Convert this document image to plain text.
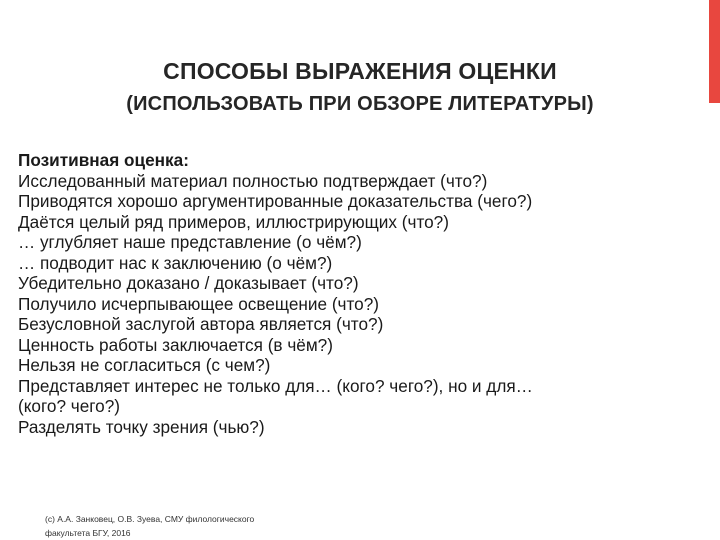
СПОСОБЫ ВЫРАЖЕНИЯ ОЦЕНКИ
(ИСПОЛЬЗОВАТЬ ПРИ ОБЗОРЕ ЛИТЕРАТУРЫ)
Позитивная оценка:
Исследованный материал полностью подтверждает (что?)
Приводятся хорошо аргументированные доказательства (чего?)
Даётся целый ряд примеров, иллюстрирующих (что?)
… углубляет наше представление (о чём?)
… подводит нас к заключению (о чём?)
Убедительно доказано / доказывает (что?)
Получило исчерпывающее освещение (что?)
Безусловной заслугой автора является (что?)
Ценность работы заключается (в чём?)
Нельзя не согласиться (с чем?)
Представляет интерес не только для… (кого? чего?), но и для…
(кого? чего?)
Разделять точку зрения (чью?)
(c) А.А. Занковец, О.В. Зуева, СМУ филологического
факультета БГУ, 2016
